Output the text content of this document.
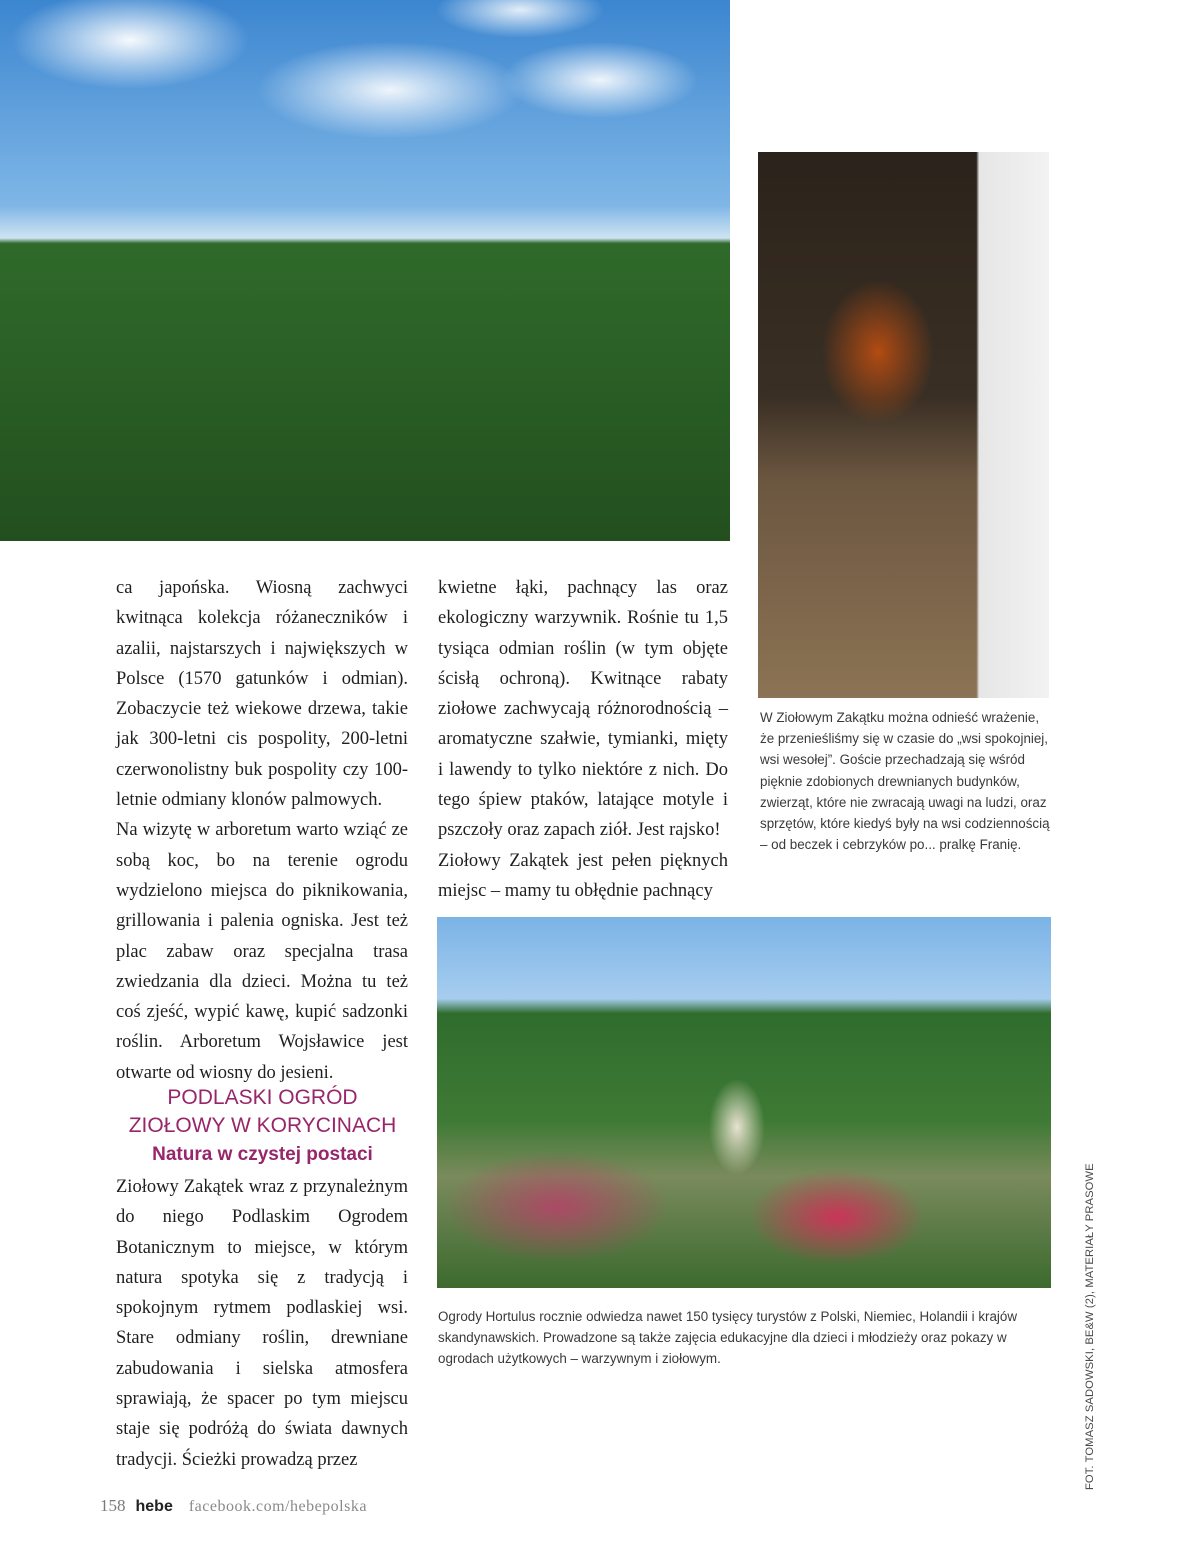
ca japońska. Wiosną zachwyci kwitnąca kolekcja różaneczników i azalii, najstarszych i największych w Polsce (1570 gatunków i odmian). Zobaczycie też wiekowe drzewa, takie jak 300-letni cis pospolity, 200-letni czerwonolistny buk pospolity czy 100-letnie odmiany klonów palmowych.

Na wizytę w arboretum warto wziąć ze sobą koc, bo na terenie ogrodu wydzielono miejsca do piknikowania, grillowania i palenia ogniska. Jest też plac zabaw oraz specjalna trasa zwiedzania dla dzieci. Można tu też coś zjeść, wypić kawę, kupić sadzonki roślin. Arboretum Wojsławice jest otwarte od wiosny do jesieni.

PODLASKI OGRÓD
ZIOŁOWY W KORYCINACH
Natura w czystej postaci

Ziołowy Zakątek wraz z przynależnym do niego Podlaskim Ogrodem Botanicznym to miejsce, w którym natura spotyka się z tradycją i spokojnym rytmem podlaskiej wsi. Stare odmiany roślin, drewniane zabudowania i sielska atmosfera sprawiają, że spacer po tym miejscu staje się podróżą do świata dawnych tradycji. Ścieżki prowadzą przez

kwietne łąki, pachnący las oraz ekologiczny warzywnik. Rośnie tu 1,5 tysiąca odmian roślin (w tym objęte ścisłą ochroną). Kwitnące rabaty ziołowe zachwycają różnorodnością – aromatyczne szałwie, tymianki, mięty i lawendy to tylko niektóre z nich. Do tego śpiew ptaków, latające motyle i pszczoły oraz zapach ziół. Jest rajsko!

Ziołowy Zakątek jest pełen pięknych miejsc – mamy tu obłędnie pachnący

W Ziołowym Zakątku można odnieść wrażenie, że przenieśliśmy się w czasie do „wsi spokojniej, wsi wesołej”. Goście przechadzają się wśród pięknie zdobionych drewnianych budynków, zwierząt, które nie zwracają uwagi na ludzi, oraz sprzętów, które kiedyś były na wsi codziennością – od beczek i cebrzyków po... pralkę Franię.
Ogrody Hortulus rocznie odwiedza nawet 150 tysięcy turystów z Polski, Niemiec, Holandii i krajów skandynawskich. Prowadzone są także zajęcia edukacyjne dla dzieci i młodzieży oraz pokazy w ogrodach użytkowych – warzywnym i ziołowym.	FOT. TOMASZ SADOWSKI, BE&W (2), MATERIAŁY PRASOWE
158 hebe facebook.com/hebepolska
